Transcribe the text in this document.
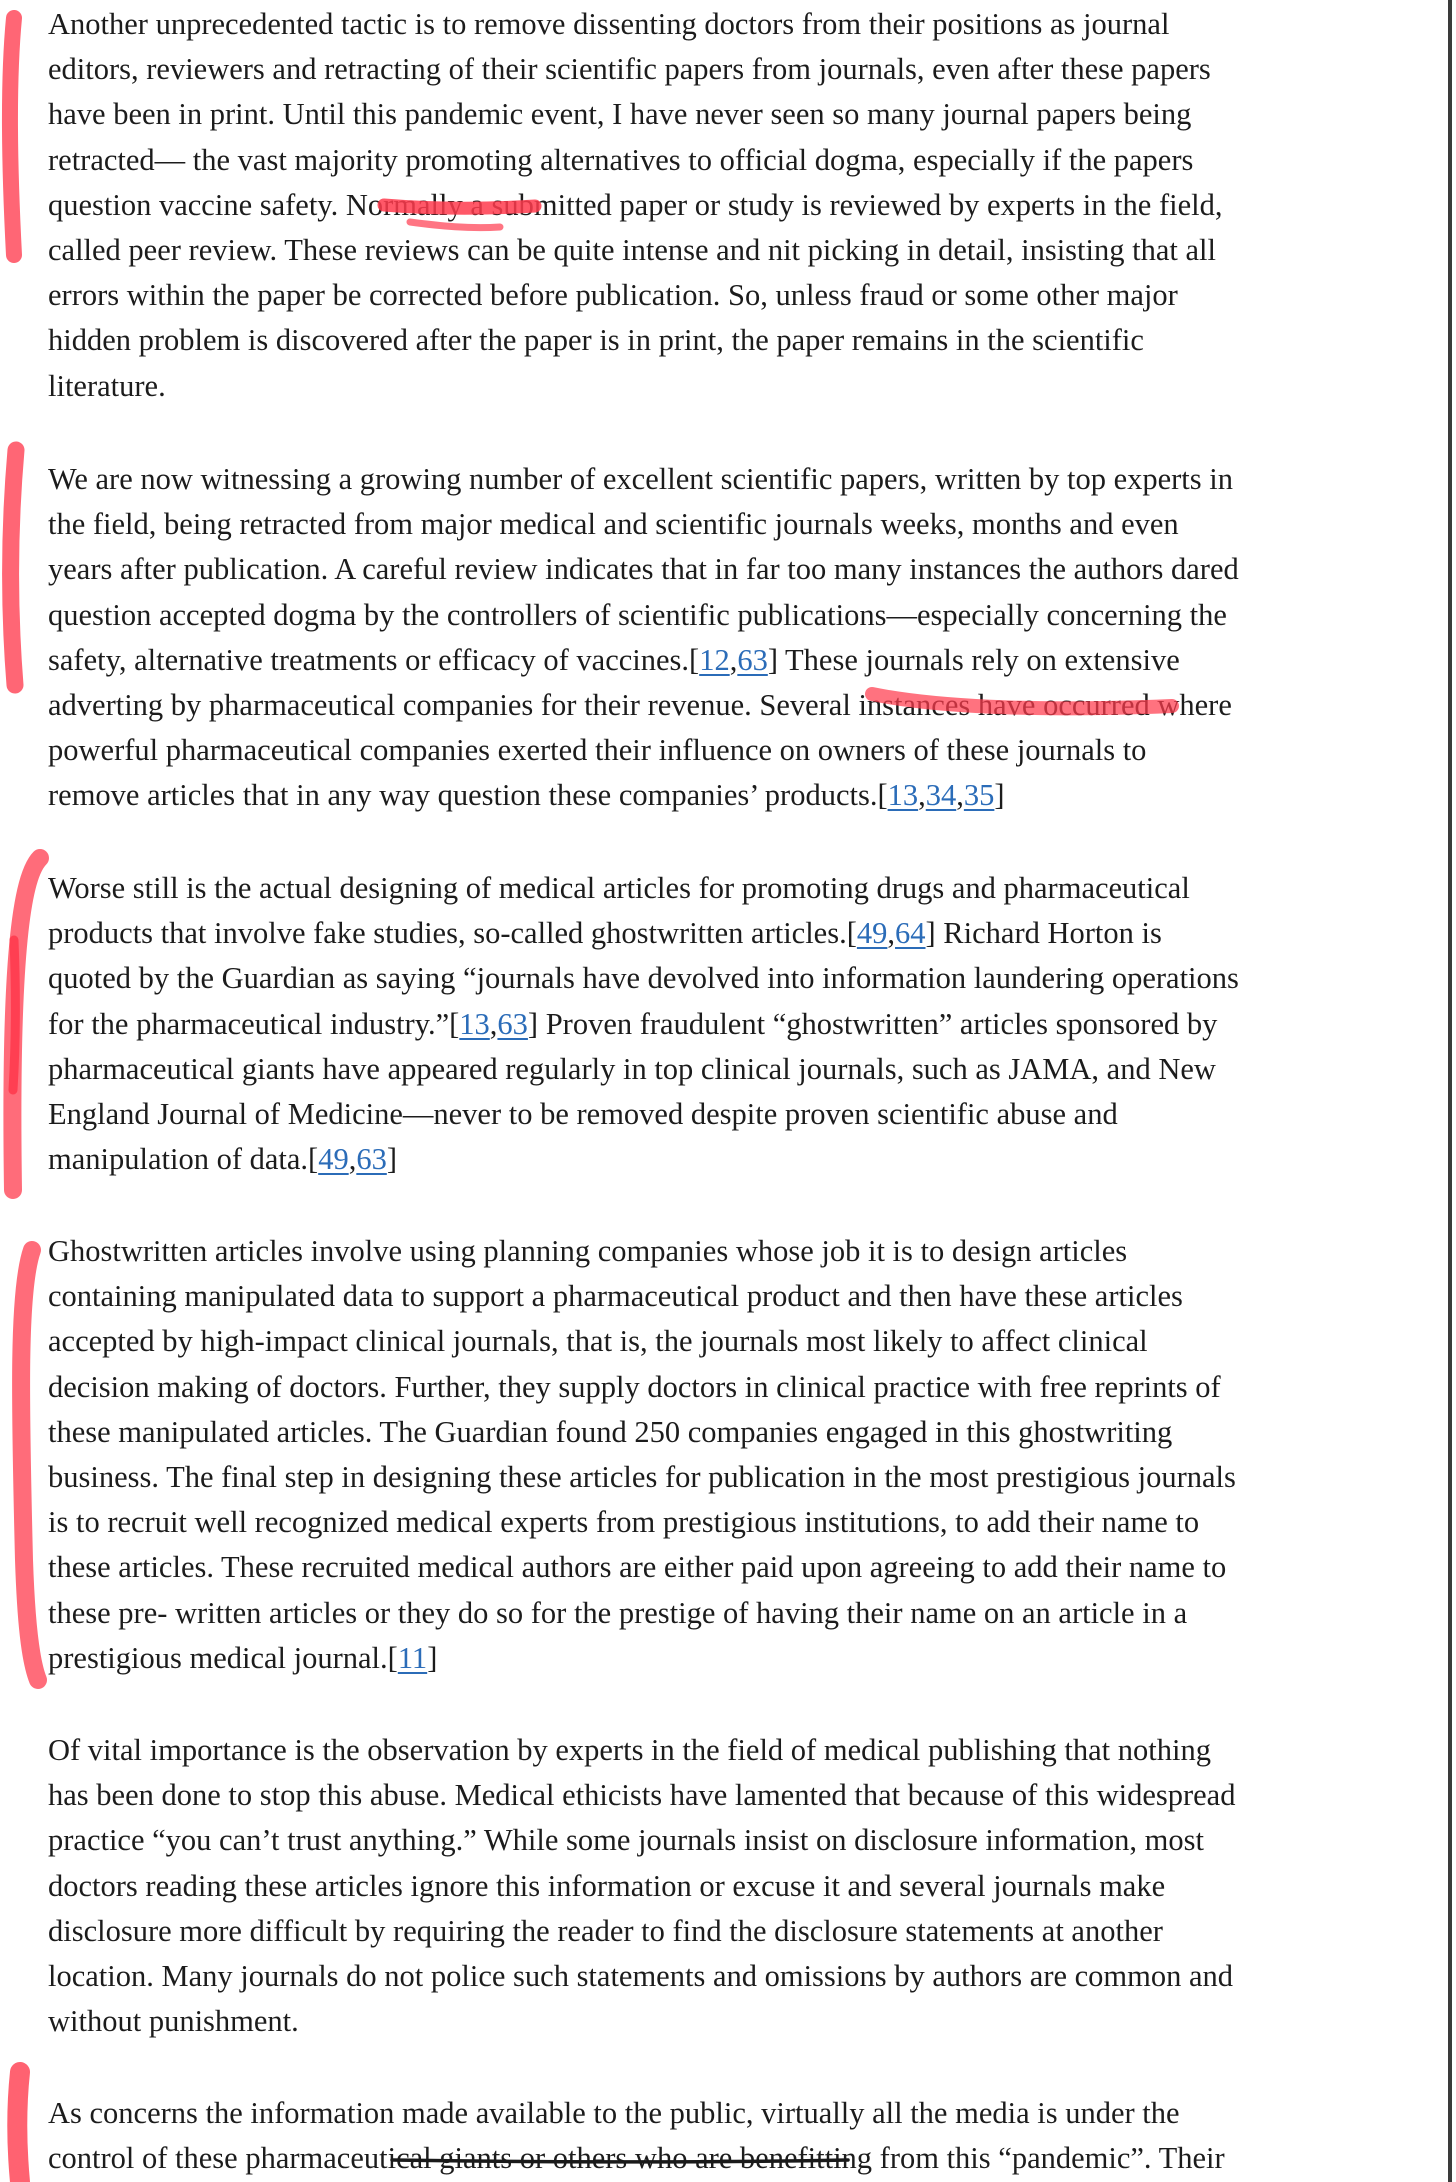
Another unprecedented tactic is to remove dissenting doctors from their positions as journal
editors, reviewers and retracting of their scientific papers from journals, even after these papers
have been in print. Until this pandemic event, I have never seen so many journal papers being
retracted— the vast majority promoting alternatives to official dogma, especially if the papers
question vaccine safety. Normally a submitted paper or study is reviewed by experts in the field,
called peer review. These reviews can be quite intense and nit picking in detail, insisting that all
errors within the paper be corrected before publication. So, unless fraud or some other major
hidden problem is discovered after the paper is in print, the paper remains in the scientific
literature.
We are now witnessing a growing number of excellent scientific papers, written by top experts in
the field, being retracted from major medical and scientific journals weeks, months and even
years after publication. A careful review indicates that in far too many instances the authors dared
question accepted dogma by the controllers of scientific publications—especially concerning the
safety, alternative treatments or efficacy of vaccines.[12,63] These journals rely on extensive
adverting by pharmaceutical companies for their revenue. Several instances have occurred where
powerful pharmaceutical companies exerted their influence on owners of these journals to
remove articles that in any way question these companies’ products.[13,34,35]
Worse still is the actual designing of medical articles for promoting drugs and pharmaceutical
products that involve fake studies, so-called ghostwritten articles.[49,64] Richard Horton is
quoted by the Guardian as saying “journals have devolved into information laundering operations
for the pharmaceutical industry.”[13,63] Proven fraudulent “ghostwritten” articles sponsored by
pharmaceutical giants have appeared regularly in top clinical journals, such as JAMA, and New
England Journal of Medicine—never to be removed despite proven scientific abuse and
manipulation of data.[49,63]
Ghostwritten articles involve using planning companies whose job it is to design articles
containing manipulated data to support a pharmaceutical product and then have these articles
accepted by high-impact clinical journals, that is, the journals most likely to affect clinical
decision making of doctors. Further, they supply doctors in clinical practice with free reprints of
these manipulated articles. The Guardian found 250 companies engaged in this ghostwriting
business. The final step in designing these articles for publication in the most prestigious journals
is to recruit well recognized medical experts from prestigious institutions, to add their name to
these articles. These recruited medical authors are either paid upon agreeing to add their name to
these pre- written articles or they do so for the prestige of having their name on an article in a
prestigious medical journal.[11]
Of vital importance is the observation by experts in the field of medical publishing that nothing
has been done to stop this abuse. Medical ethicists have lamented that because of this widespread
practice “you can’t trust anything.” While some journals insist on disclosure information, most
doctors reading these articles ignore this information or excuse it and several journals make
disclosure more difficult by requiring the reader to find the disclosure statements at another
location. Many journals do not police such statements and omissions by authors are common and
without punishment.
As concerns the information made available to the public, virtually all the media is under the
control of these pharmaceutical giants or others who are benefitting from this “pandemic”. Their
